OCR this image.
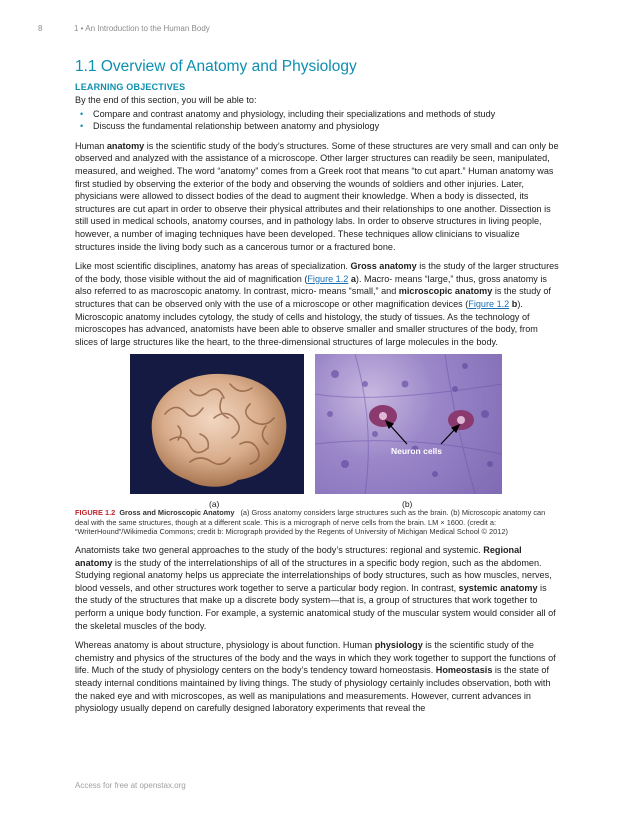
8	1 • An Introduction to the Human Body
1.1 Overview of Anatomy and Physiology
LEARNING OBJECTIVES

By the end of this section, you will be able to:

• Compare and contrast anatomy and physiology, including their specializations and methods of study
• Discuss the fundamental relationship between anatomy and physiology

Human anatomy is the scientific study of the body’s structures. Some of these structures are very small and can only be observed and analyzed with the assistance of a microscope. Other larger structures can readily be seen, manipulated, measured, and weighed. The word “anatomy” comes from a Greek root that means “to cut apart.” Human anatomy was first studied by observing the exterior of the body and observing the wounds of soldiers and other injuries. Later, physicians were allowed to dissect bodies of the dead to augment their knowledge. When a body is dissected, its structures are cut apart in order to observe their physical attributes and their relationships to one another. Dissection is still used in medical schools, anatomy courses, and in pathology labs. In order to observe structures in living people, however, a number of imaging techniques have been developed. These techniques allow clinicians to visualize structures inside the living body such as a cancerous tumor or a fractured bone.

Like most scientific disciplines, anatomy has areas of specialization. Gross anatomy is the study of the larger structures of the body, those visible without the aid of magnification (Figure 1.2 a). Macro- means “large,” thus, gross anatomy is also referred to as macroscopic anatomy. In contrast, micro- means “small,” and microscopic anatomy is the study of structures that can be observed only with the use of a microscope or other magnification devices (Figure 1.2 b). Microscopic anatomy includes cytology, the study of cells and histology, the study of tissues. As the technology of microscopes has advanced, anatomists have been able to observe smaller and smaller structures of the body, from slices of large structures like the heart, to the three-dimensional structures of large molecules in the body.

Neuron cells
(a)	(b)
FIGURE 1.2 Gross and Microscopic Anatomy (a) Gross anatomy considers large structures such as the brain. (b) Microscopic anatomy can deal with the same structures, though at a different scale. This is a micrograph of nerve cells from the brain. LM × 1600. (credit a: “WriterHound”/Wikimedia Commons; credit b: Micrograph provided by the Regents of University of Michigan Medical School © 2012)

Anatomists take two general approaches to the study of the body’s structures: regional and systemic. Regional anatomy is the study of the interrelationships of all of the structures in a specific body region, such as the abdomen. Studying regional anatomy helps us appreciate the interrelationships of body structures, such as how muscles, nerves, blood vessels, and other structures work together to serve a particular body region. In contrast, systemic anatomy is the study of the structures that make up a discrete body system—that is, a group of structures that work together to perform a unique body function. For example, a systemic anatomical study of the muscular system would consider all of the skeletal muscles of the body.

Whereas anatomy is about structure, physiology is about function. Human physiology is the scientific study of the chemistry and physics of the structures of the body and the ways in which they work together to support the functions of life. Much of the study of physiology centers on the body’s tendency toward homeostasis. Homeostasis is the state of steady internal conditions maintained by living things. The study of physiology certainly includes observation, both with the naked eye and with microscopes, as well as manipulations and measurements. However, current advances in physiology usually depend on carefully designed laboratory experiments that reveal the

Access for free at openstax.org
